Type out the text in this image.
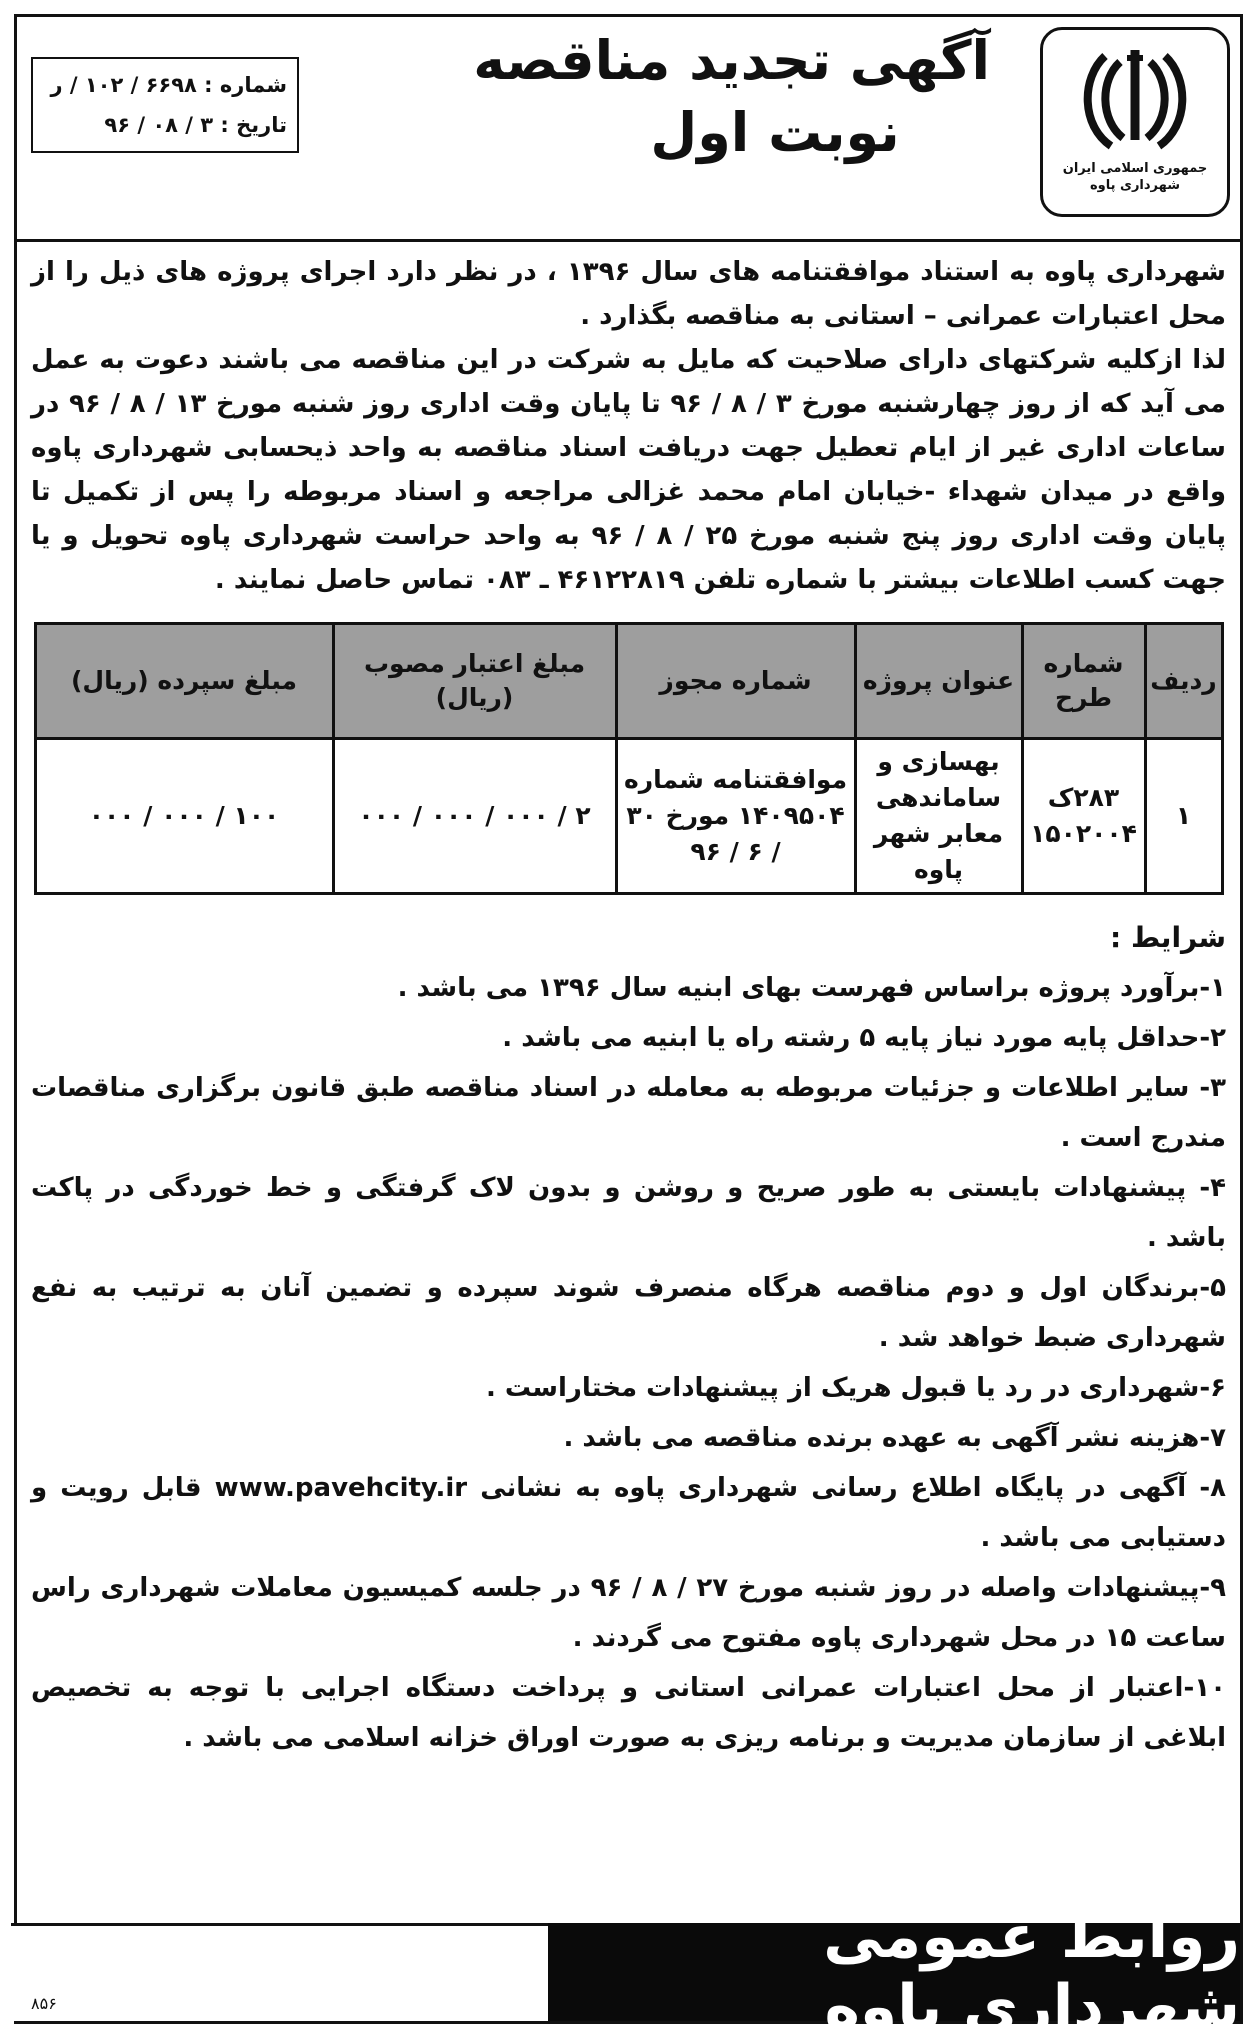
جمهوری اسلامی ایران
شهرداری پاوه
آگهی تجدید مناقصه
نوبت اول
شماره : ۶۶۹۸ / ۱۰۲ / ر
تاریخ : ۳ / ۰۸ / ۹۶

شهرداری پاوه به استناد موافقتنامه های سال ۱۳۹۶ ، در نظر دارد اجرای پروژه های ذیل را از محل اعتبارات عمرانی – استانی به مناقصه بگذارد .

لذا ازکلیه شرکتهای دارای صلاحیت که مایل به شرکت در این مناقصه می باشند دعوت به عمل می آید که از روز چهارشنبه مورخ ۳ / ۸ / ۹۶ تا پایان وقت اداری روز شنبه مورخ ۱۳ / ۸ / ۹۶ در ساعات اداری غیر از ایام تعطیل جهت دریافت اسناد مناقصه به واحد ذیحسابی شهرداری پاوه واقع در میدان شهداء -خیابان امام محمد غزالی مراجعه و اسناد مربوطه را پس از تکمیل تا پایان وقت اداری روز پنج شنبه مورخ ۲۵ / ۸ / ۹۶ به واحد حراست شهرداری پاوه تحویل و یا جهت کسب اطلاعات بیشتر با شماره تلفن ۴۶۱۲۲۸۱۹ ـ ۰۸۳ تماس حاصل نمایند .

ردیف	شماره طرح	عنوان پروژه	شماره مجوز	مبلغ اعتبار مصوب (ریال)	مبلغ سپرده (ریال)
۱	۲۸۳ک ۱۵۰۲۰۰۴	بهسازی و ساماندهی معابر شهر پاوه	موافقتنامه شماره ۱۴۰۹۵۰۴ مورخ ۳۰ / ۶ / ۹۶	۲ / ۰۰۰ / ۰۰۰ / ۰۰۰	۱۰۰ / ۰۰۰ / ۰۰۰
شرایط :
۱-برآورد پروژه براساس فهرست بهای ابنیه سال ۱۳۹۶ می باشد .
۲-حداقل پایه مورد نیاز پایه ۵ رشته راه یا ابنیه می باشد .
۳- سایر اطلاعات و جزئیات مربوطه به معامله در اسناد مناقصه طبق قانون برگزاری مناقصات مندرج است .
۴- پیشنهادات بایستی به طور صریح و روشن و بدون لاک گرفتگی و خط خوردگی در پاکت باشد .
۵-برندگان اول و دوم مناقصه هرگاه منصرف شوند سپرده و تضمین آنان به ترتیب به نفع شهرداری ضبط خواهد شد .
۶-شهرداری در رد یا قبول هریک از پیشنهادات مختاراست .
۷-هزینه نشر آگهی به عهده برنده مناقصه می باشد .
۸- آگهی در پایگاه اطلاع رسانی شهرداری پاوه به نشانی www.pavehcity.ir قابل رویت و دستیابی می باشد .
۹-پیشنهادات واصله در روز شنبه مورخ ۲۷ / ۸ / ۹۶ در جلسه کمیسیون معاملات شهرداری راس ساعت ۱۵ در محل شهرداری پاوه مفتوح می گردند .
۱۰-اعتبار از محل اعتبارات عمرانی استانی و پرداخت دستگاه اجرایی با توجه به تخصیص ابلاغی از سازمان مدیریت و برنامه ریزی به صورت اوراق خزانه اسلامی می باشد .
۸۵۶
روابط عمومی شهرداری پاوه
